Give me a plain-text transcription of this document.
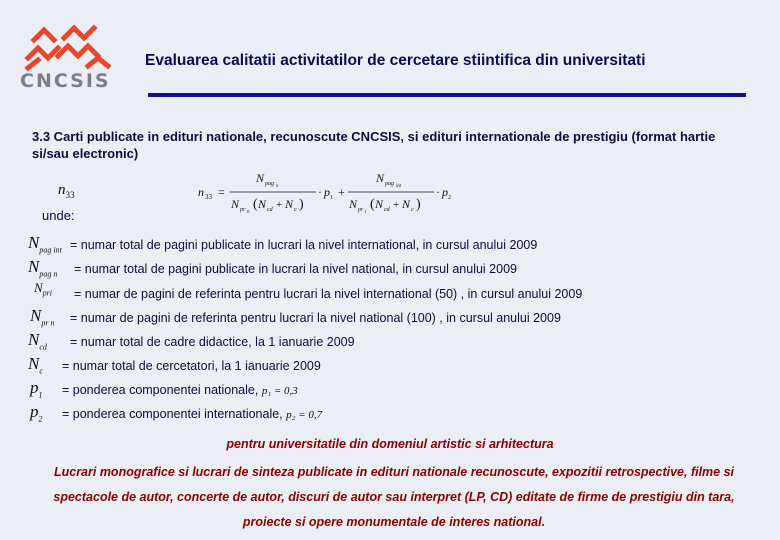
CNCSIS
Evaluarea calitatii activitatilor de cercetare stiintifica din universitati
3.3 Carti publicate in edituri nationale, recunoscute CNCSIS, si edituri internationale de prestigiu (format hartie si/sau electronic)
$n_{33}$	n 33 =
N pag n
N pr n
( N cd + N c )
· p 1 +
N pag int
N pr i
( N cd + N c )
· p 2
unde:
$N_{pag int}$ = numar total de pagini publicate in lucrari la nivel international, in cursul anului 2009
$N_{pag n}$ = numar total de pagini publicate in lucrari la nivel national, in cursul anului 2009
$N_{pri}$ = numar de pagini de referinta pentru lucrari la nivel international (50) , in cursul anului 2009
$N_{pr n}$ = numar de pagini de referinta pentru lucrari la nivel national (100) , in cursul anului 2009
$N_{cd}$ = numar total de cadre didactice, la 1 ianuarie 2009
$N_c$ = numar total de cercetatori, la 1 ianuarie 2009
$p_1$ = ponderea componentei nationale, p₁ = 0,3
$p_2$ = ponderea componentei internationale, p₂ = 0,7
pentru universitatile din domeniul artistic si arhitectura
Lucrari monografice si lucrari de sinteza publicate in edituri nationale recunoscute, expozitii retrospective, filme si spectacole de autor, concerte de autor, discuri de autor sau interpret (LP, CD) editate de firme de prestigiu din tara, proiecte si opere monumentale de interes national.
